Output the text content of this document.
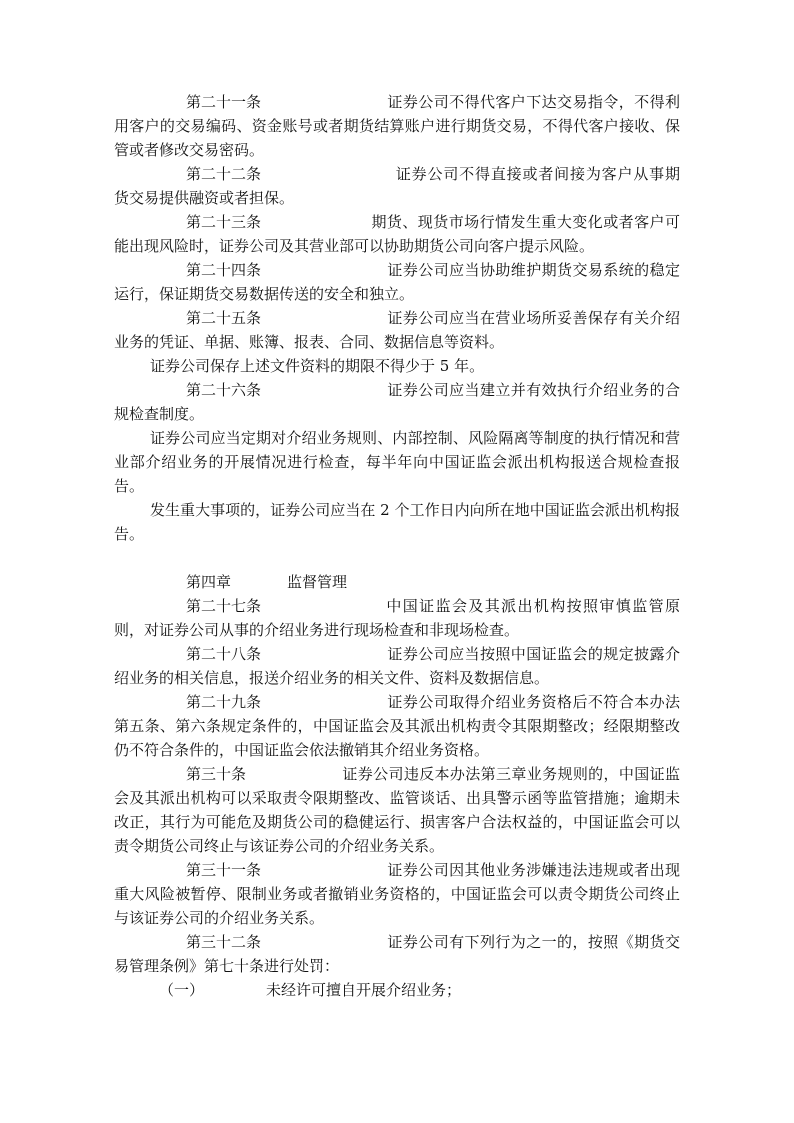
第二十一条	证券公司不得代客户下达交易指令，不得利用客户的交易编码、资金账号或者期货结算账户进行期货交易，不得代客户接收、保管或者修改交易密码。

第二十二条	证券公司不得直接或者间接为客户从事期货交易提供融资或者担保。

第二十三条	期货、现货市场行情发生重大变化或者客户可能出现风险时，证券公司及其营业部可以协助期货公司向客户提示风险。

第二十四条	证券公司应当协助维护期货交易系统的稳定运行，保证期货交易数据传送的安全和独立。

第二十五条	证券公司应当在营业场所妥善保存有关介绍业务的凭证、单据、账簿、报表、合同、数据信息等资料。

证券公司保存上述文件资料的期限不得少于 5 年。

第二十六条	证券公司应当建立并有效执行介绍业务的合规检查制度。

证券公司应当定期对介绍业务规则、内部控制、风险隔离等制度的执行情况和营业部介绍业务的开展情况进行检查，每半年向中国证监会派出机构报送合规检查报告。

发生重大事项的，证券公司应当在 2 个工作日内向所在地中国证监会派出机构报告。

第四章	监督管理

第二十七条	中国证监会及其派出机构按照审慎监管原则，对证券公司从事的介绍业务进行现场检查和非现场检查。

第二十八条	证券公司应当按照中国证监会的规定披露介绍业务的相关信息，报送介绍业务的相关文件、资料及数据信息。

第二十九条	证券公司取得介绍业务资格后不符合本办法第五条、第六条规定条件的，中国证监会及其派出机构责令其限期整改；经限期整改仍不符合条件的，中国证监会依法撤销其介绍业务资格。

第三十条	证券公司违反本办法第三章业务规则的，中国证监会及其派出机构可以采取责令限期整改、监管谈话、出具警示函等监管措施；逾期未改正，其行为可能危及期货公司的稳健运行、损害客户合法权益的，中国证监会可以责令期货公司终止与该证券公司的介绍业务关系。

第三十一条	证券公司因其他业务涉嫌违法违规或者出现重大风险被暂停、限制业务或者撤销业务资格的，中国证监会可以责令期货公司终止与该证券公司的介绍业务关系。

第三十二条	证券公司有下列行为之一的，按照《期货交易管理条例》第七十条进行处罚：

（一）	未经许可擅自开展介绍业务；
